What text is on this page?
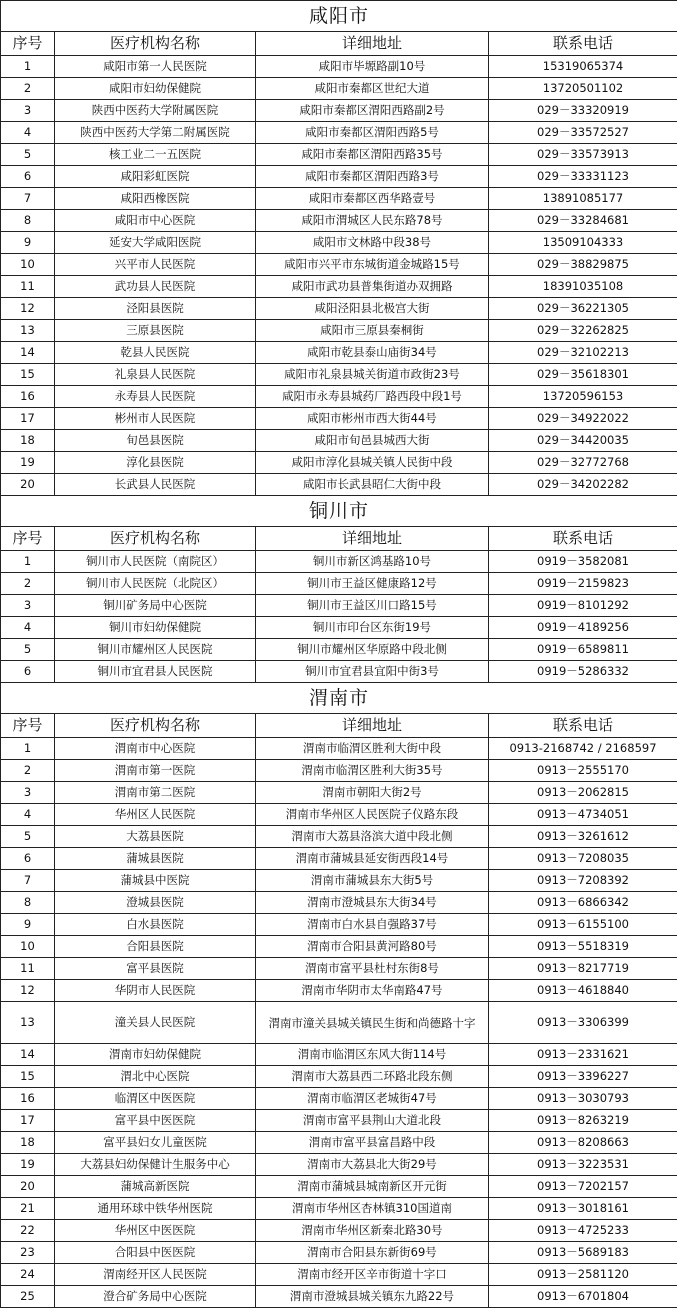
咸阳市			
序号	医疗机构名称	详细地址	联系电话
1	咸阳市第一人民医院	咸阳市毕塬路副10号	15319065374
2	咸阳市妇幼保健院	咸阳市秦都区世纪大道	13720501102
3	陕西中医药大学附属医院	咸阳市秦都区渭阳西路副2号	029－33320919
4	陕西中医药大学第二附属医院	咸阳市秦都区渭阳西路5号	029－33572527
5	核工业二一五医院	咸阳市秦都区渭阳西路35号	029－33573913
6	咸阳彩虹医院	咸阳市秦都区渭阳西路3号	029－33331123
7	咸阳西橡医院	咸阳市秦都区西华路壹号	13891085177
8	咸阳市中心医院	咸阳市渭城区人民东路78号	029－33284681
9	延安大学咸阳医院	咸阳市文林路中段38号	13509104333
10	兴平市人民医院	咸阳市兴平市东城街道金城路15号	029－38829875
11	武功县人民医院	咸阳市武功县普集街道办双拥路	18391035108
12	泾阳县医院	咸阳泾阳县北极宫大街	029－36221305
13	三原县医院	咸阳市三原县秦桐街	029－32262825
14	乾县人民医院	咸阳市乾县泰山庙街34号	029－32102213
15	礼泉县人民医院	咸阳市礼泉县城关街道市政街23号	029－35618301
16	永寿县人民医院	咸阳市永寿县城药厂路西段中段1号	13720596153
17	彬州市人民医院	咸阳市彬州市西大街44号	029－34922022
18	旬邑县医院	咸阳市旬邑县城西大街	029－34420035
19	淳化县医院	咸阳市淳化县城关镇人民街中段	029－32772768
20	长武县人民医院	咸阳市长武县昭仁大街中段	029－34202282
铜川市			
序号	医疗机构名称	详细地址	联系电话
1	铜川市人民医院（南院区）	铜川市新区鸿基路10号	0919－3582081
2	铜川市人民医院（北院区）	铜川市王益区健康路12号	0919－2159823
3	铜川矿务局中心医院	铜川市王益区川口路15号	0919－8101292
4	铜川市妇幼保健院	铜川市印台区东街19号	0919－4189256
5	铜川市耀州区人民医院	铜川市耀州区华原路中段北侧	0919－6589811
6	铜川市宜君县人民医院	铜川市宜君县宜阳中街3号	0919－5286332
渭南市			
序号	医疗机构名称	详细地址	联系电话
1	渭南市中心医院	渭南市临渭区胜利大街中段	0913-2168742 / 2168597
2	渭南市第一医院	渭南市临渭区胜利大街35号	0913－2555170
3	渭南市第二医院	渭南市朝阳大街2号	0913－2062815
4	华州区人民医院	渭南市华州区人民医院子仪路东段	0913－4734051
5	大荔县医院	渭南市大荔县洛滨大道中段北侧	0913－3261612
6	蒲城县医院	渭南市蒲城县延安街西段14号	0913－7208035
7	蒲城县中医院	渭南市蒲城县东大街5号	0913－7208392
8	澄城县医院	渭南市澄城县东大街34号	0913－6866342
9	白水县医院	渭南市白水县自强路37号	0913－6155100
10	合阳县医院	渭南市合阳县黄河路80号	0913－5518319
11	富平县医院	渭南市富平县杜村东街8号	0913－8217719
12	华阴市人民医院	渭南市华阴市太华南路47号	0913－4618840
13	潼关县人民医院	渭南市潼关县城关镇民生街和尚德路十字	0913－3306399
14	渭南市妇幼保健院	渭南市临渭区东风大街114号	0913－2331621
15	渭北中心医院	渭南市大荔县西二环路北段东侧	0913－3396227
16	临渭区中医医院	渭南市临渭区老城街47号	0913－3030793
17	富平县中医医院	渭南市富平县荆山大道北段	0913－8263219
18	富平县妇女儿童医院	渭南市富平县富昌路中段	0913－8208663
19	大荔县妇幼保健计生服务中心	渭南市大荔县北大街29号	0913－3223531
20	蒲城高新医院	渭南市蒲城县城南新区开元街	0913－7202157
21	通用环球中铁华州医院	渭南市华州区杏林镇310国道南	0913－3018161
22	华州区中医医院	渭南市华州区新秦北路30号	0913－4725233
23	合阳县中医医院	渭南市合阳县东新街69号	0913－5689183
24	渭南经开区人民医院	渭南市经开区辛市街道十字口	0913－2581120
25	澄合矿务局中心医院	渭南市澄城县城关镇东九路22号	0913－6701804
